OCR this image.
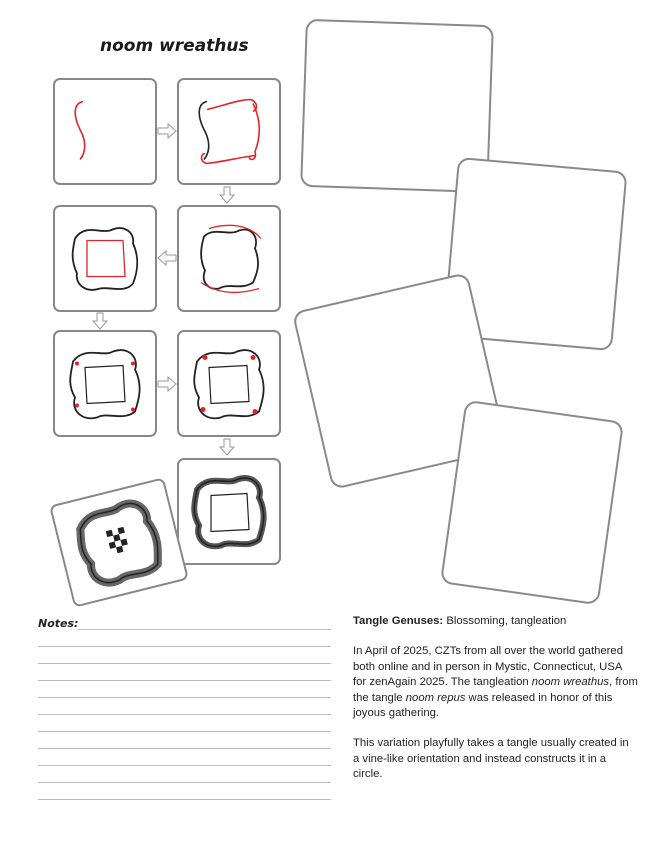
noom wreathus
Notes:	Tangle Genuses: Blossoming, tangleation

In April of 2025, CZTs from all over the world gathered both online and in person in Mystic, Connecticut, USA for zenAgain 2025. The tangleation noom wreathus, from the tangle noom repus was released in honor of this joyous gathering.

This variation playfully takes a tangle usually created in a vine-like orientation and instead constructs it in a circle.
